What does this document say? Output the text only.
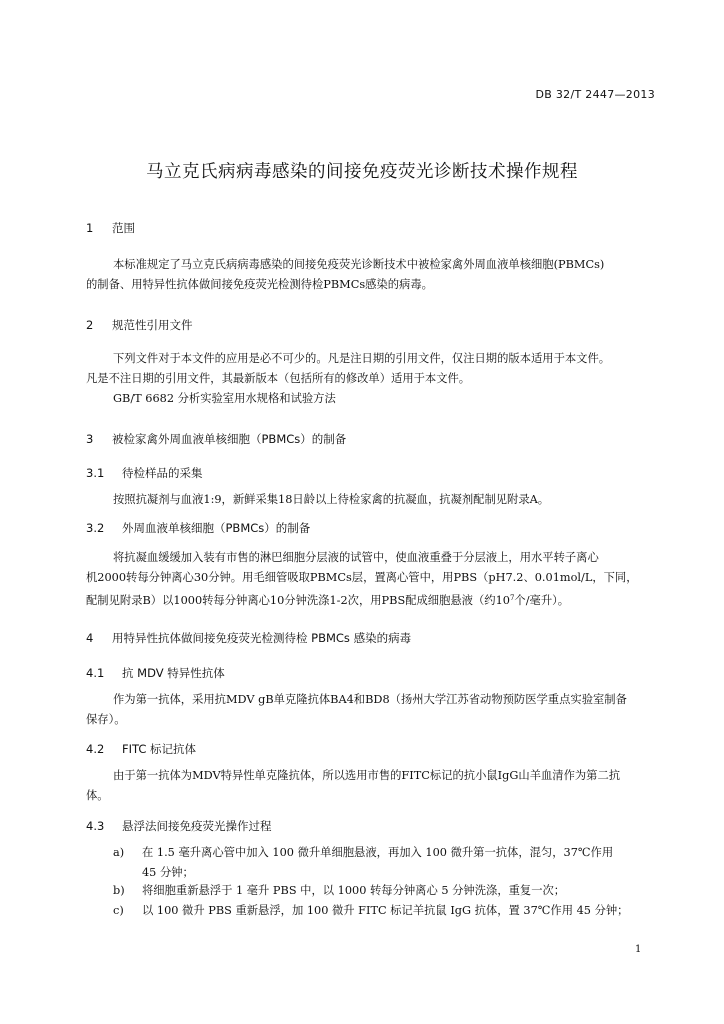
DB 32/T 2447—2013
马立克氏病病毒感染的间接免疫荧光诊断技术操作规程
1 范围
本标准规定了马立克氏病病毒感染的间接免疫荧光诊断技术中被检家禽外周血液单核细胞(PBMCs)
的制备、用特异性抗体做间接免疫荧光检测待检PBMCs感染的病毒。
2 规范性引用文件
下列文件对于本文件的应用是必不可少的。凡是注日期的引用文件，仅注日期的版本适用于本文件。
凡是不注日期的引用文件，其最新版本（包括所有的修改单）适用于本文件。
GB/T 6682 分析实验室用水规格和试验方法
3 被检家禽外周血液单核细胞（PBMCs）的制备
3.1 待检样品的采集
按照抗凝剂与血液1:9，新鲜采集18日龄以上待检家禽的抗凝血，抗凝剂配制见附录A。
3.2 外周血液单核细胞（PBMCs）的制备
将抗凝血缓缓加入装有市售的淋巴细胞分层液的试管中，使血液重叠于分层液上，用水平转子离心
机2000转每分钟离心30分钟。用毛细管吸取PBMCs层，置离心管中，用PBS（pH7.2、0.01mol/L，下同，
配制见附录B）以1000转每分钟离心10分钟洗涤1-2次，用PBS配成细胞悬液（约$10^7$个/毫升）。
4 用特异性抗体做间接免疫荧光检测待检 PBMCs 感染的病毒
4.1 抗 MDV 特异性抗体
作为第一抗体，采用抗MDV gB单克隆抗体BA4和BD8（扬州大学江苏省动物预防医学重点实验室制备
保存）。
4.2 FITC 标记抗体
由于第一抗体为MDV特异性单克隆抗体，所以选用市售的FITC标记的抗小鼠IgG山羊血清作为第二抗
体。
4.3 悬浮法间接免疫荧光操作过程
a) 在 1.5 毫升离心管中加入 100 微升单细胞悬液，再加入 100 微升第一抗体，混匀，37℃作用
45 分钟；
b) 将细胞重新悬浮于 1 毫升 PBS 中，以 1000 转每分钟离心 5 分钟洗涤，重复一次；
c) 以 100 微升 PBS 重新悬浮，加 100 微升 FITC 标记羊抗鼠 IgG 抗体，置 37℃作用 45 分钟；
1
